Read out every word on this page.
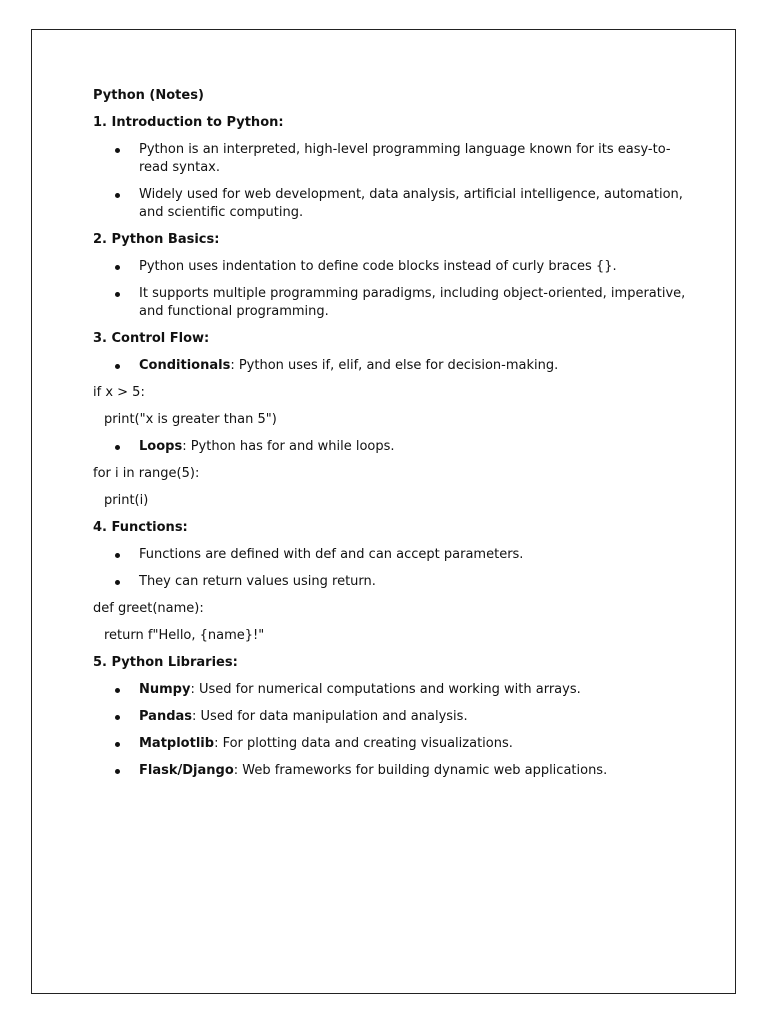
Python (Notes)

1. Introduction to Python:

Python is an interpreted, high-level programming language known for its easy-to-read syntax.
Widely used for web development, data analysis, artificial intelligence, automation, and scientific computing.

2. Python Basics:

Python uses indentation to define code blocks instead of curly braces {}.
It supports multiple programming paradigms, including object-oriented, imperative, and functional programming.

3. Control Flow:

Conditionals: Python uses if, elif, and else for decision-making.

if x > 5:

print("x is greater than 5")

Loops: Python has for and while loops.

for i in range(5):

print(i)

4. Functions:

Functions are defined with def and can accept parameters.
They can return values using return.

def greet(name):

return f"Hello, {name}!"

5. Python Libraries:

Numpy: Used for numerical computations and working with arrays.
Pandas: Used for data manipulation and analysis.
Matplotlib: For plotting data and creating visualizations.
Flask/Django: Web frameworks for building dynamic web applications.
